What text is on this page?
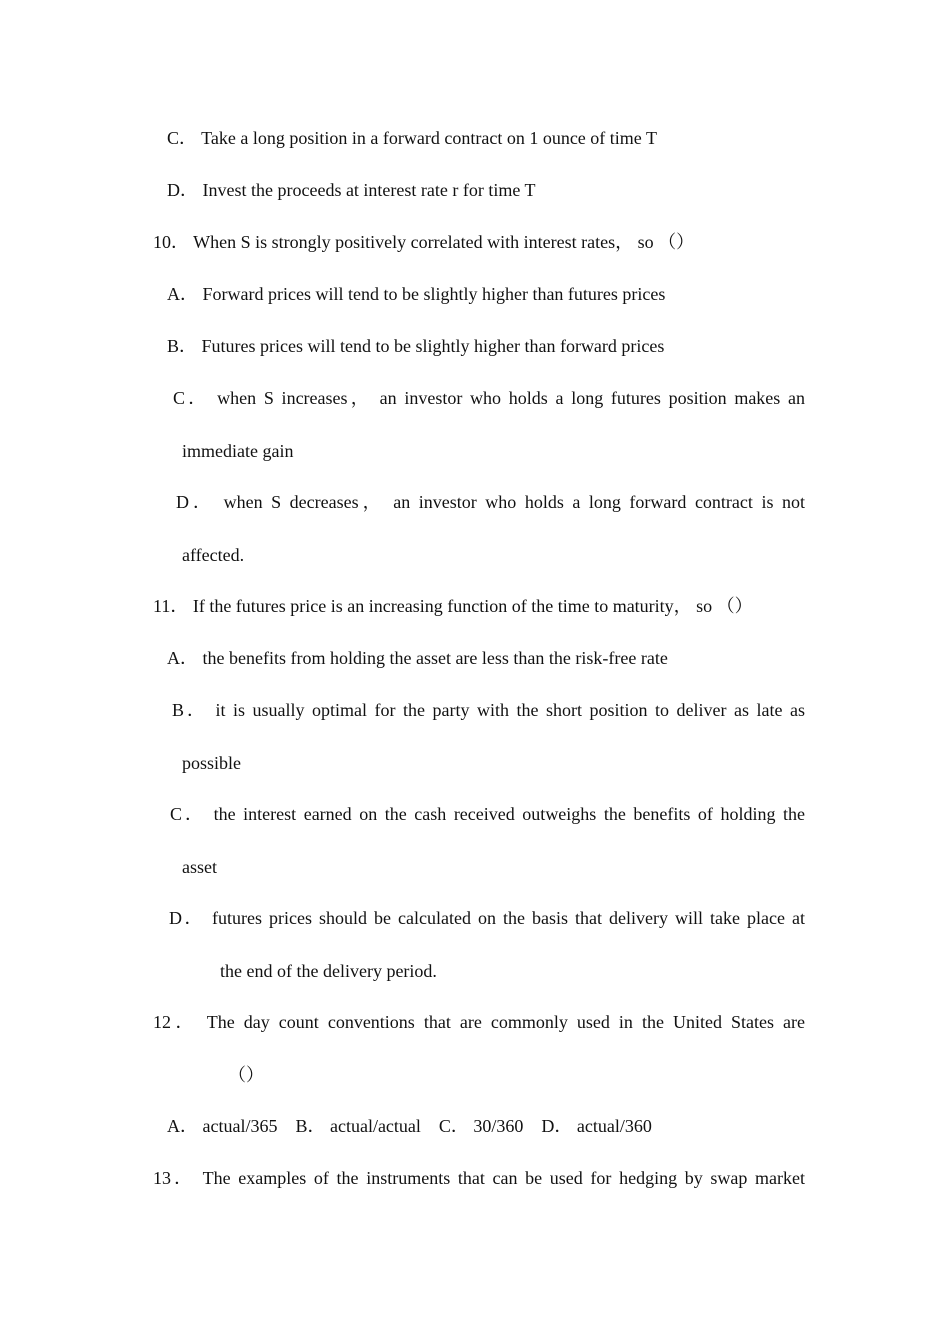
C． Take a long position in a forward contract on 1 ounce of time T
D． Invest the proceeds at interest rate r for time T
10． When S is strongly positively correlated with interest rates， so （）
A． Forward prices will tend to be slightly higher than futures prices
B． Futures prices will tend to be slightly higher than forward prices
C． when S increases， an investor who holds a long futures position makes an
immediate gain
D． when S decreases， an investor who holds a long forward contract is not
affected.
11． If the futures price is an increasing function of the time to maturity， so （）
A． the benefits from holding the asset are less than the risk-free rate
B． it is usually optimal for the party with the short position to deliver as late as
possible
C． the interest earned on the cash received outweighs the benefits of holding the
asset
D． futures prices should be calculated on the basis that delivery will take place at
the end of the delivery period.
12． The day count conventions that are commonly used in the United States are
（）
A． actual/365    B． actual/actual    C． 30/360    D． actual/360
13． The examples of the instruments that can be used for hedging by swap market
